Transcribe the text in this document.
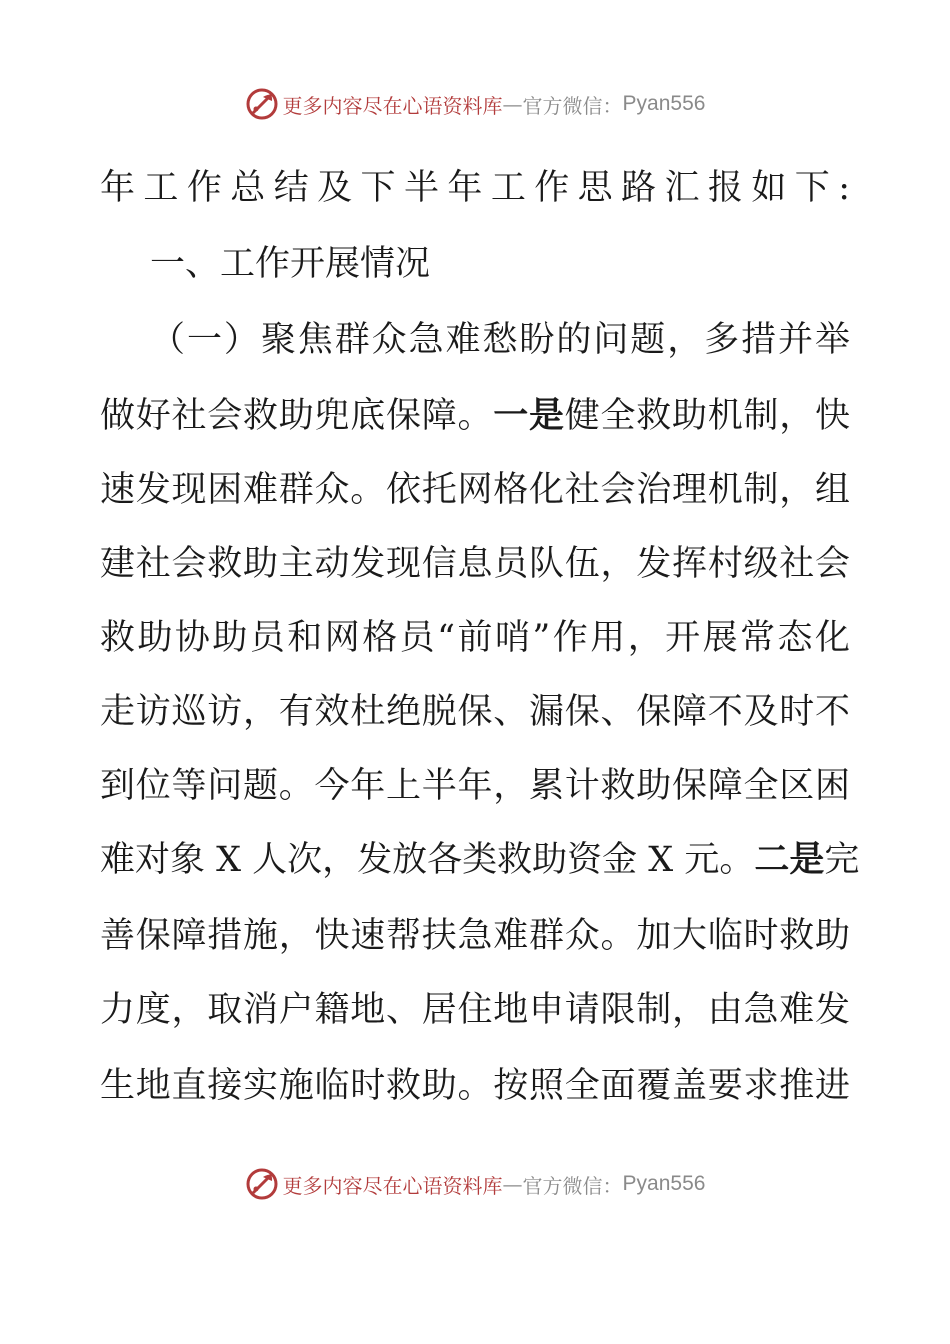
更多内容尽在心语资料库 — 官方微信： Pyan556
年工作总结及下半年工作思路汇报如下:
一、工作开展情况
（一）聚焦群众急难愁盼的问题，多措并举
做好社会救助兜底保障。一是健全救助机制，快
速发现困难群众。依托网格化社会治理机制，组
建社会救助主动发现信息员队伍，发挥村级社会
救助协助员和网格员“前哨”作用，开展常态化
走访巡访，有效杜绝脱保、漏保、保障不及时不
到位等问题。今年上半年，累计救助保障全区困
难对象 X 人次，发放各类救助资金 X 元。二是完
善保障措施，快速帮扶急难群众。加大临时救助
力度，取消户籍地、居住地申请限制，由急难发
生地直接实施临时救助。按照全面覆盖要求推进
更多内容尽在心语资料库 — 官方微信： Pyan556
